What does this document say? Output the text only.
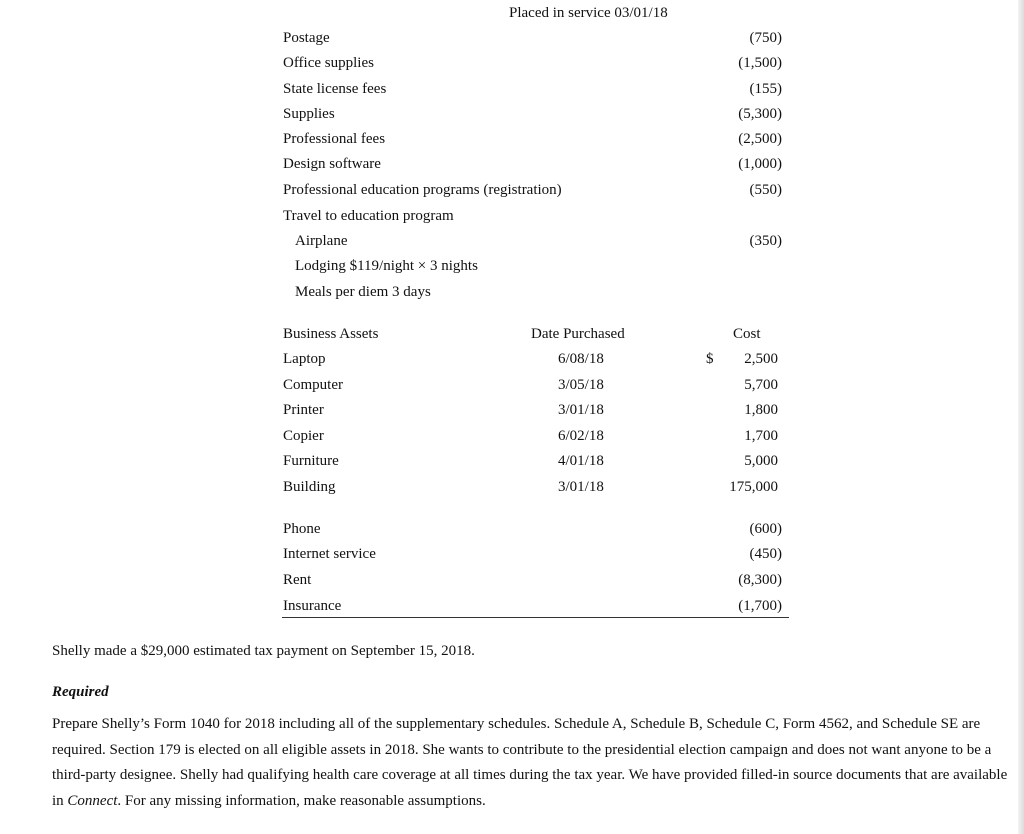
Placed in service 03/01/18
Postage	(750)
Office supplies	(1,500)
State license fees	(155)
Supplies	(5,300)
Professional fees	(2,500)
Design software	(1,000)
Professional education programs (registration)	(550)
Travel to education program
Airplane	(350)
Lodging $119/night × 3 nights
Meals per diem 3 days
Business Assets	Date Purchased	Cost
$
Laptop	6/08/18	2,500
Computer	3/05/18	5,700
Printer	3/01/18	1,800
Copier	6/02/18	1,700
Furniture	4/01/18	5,000
Building	3/01/18	175,000
Phone	(600)
Internet service	(450)
Rent	(8,300)
Insurance	(1,700)
Shelly made a $29,000 estimated tax payment on September 15, 2018.
Required
Prepare Shelly’s Form 1040 for 2018 including all of the supplementary schedules. Schedule A, Schedule B, Schedule C, Form 4562, and Schedule SE are required. Section 179 is elected on all eligible assets in 2018. She wants to contribute to the presidential election campaign and does not want anyone to be a third-party designee. Shelly had qualifying health care coverage at all times during the tax year. We have provided filled-in source documents that are available in Connect. For any missing information, make reasonable assumptions.
